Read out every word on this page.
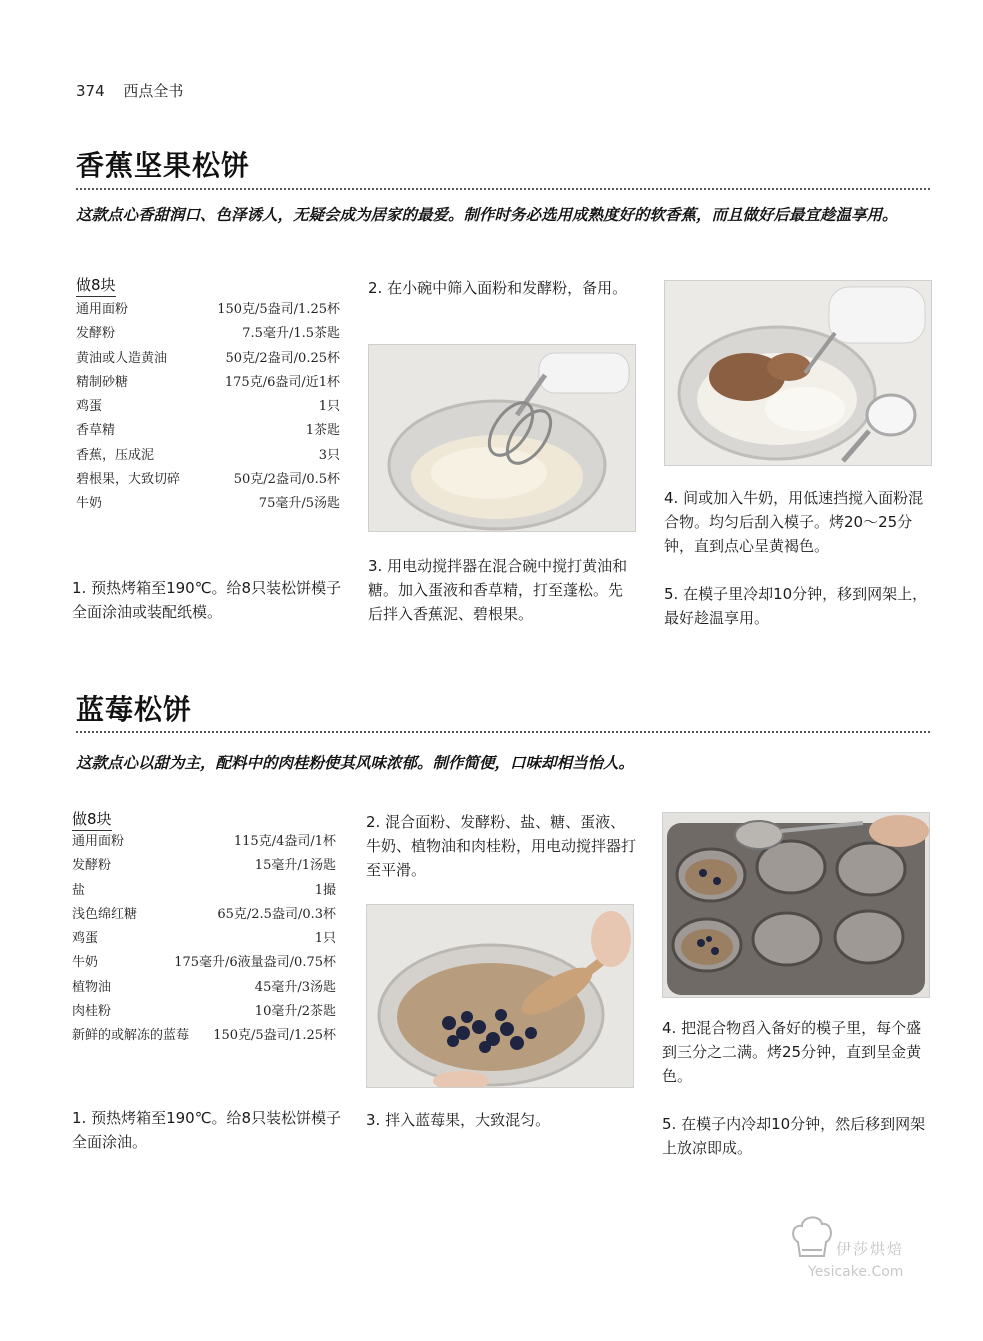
374 西点全书
香蕉坚果松饼
这款点心香甜润口、色泽诱人，无疑会成为居家的最爱。制作时务必选用成熟度好的软香蕉，而且做好后最宜趁温享用。
做8块
通用面粉	150克/5盎司/1.25杯
发酵粉	7.5毫升/1.5茶匙
黄油或人造黄油	50克/2盎司/0.25杯
精制砂糖	175克/6盎司/近1杯
鸡蛋	1只
香草精	1茶匙
香蕉，压成泥	3只
碧根果，大致切碎	50克/2盎司/0.5杯
牛奶	75毫升/5汤匙
1. 预热烤箱至190℃。给8只装松饼模子全面涂油或装配纸模。
2. 在小碗中筛入面粉和发酵粉，备用。
3. 用电动搅拌器在混合碗中搅打黄油和糖。加入蛋液和香草精，打至蓬松。先后拌入香蕉泥、碧根果。
4. 间或加入牛奶，用低速挡搅入面粉混合物。均匀后刮入模子。烤20～25分钟，直到点心呈黄褐色。
5. 在模子里冷却10分钟，移到网架上，最好趁温享用。
蓝莓松饼
这款点心以甜为主，配料中的肉桂粉使其风味浓郁。制作简便，口味却相当怡人。
做8块
通用面粉	115克/4盎司/1杯
发酵粉	15毫升/1汤匙
盐	1撮
浅色绵红糖	65克/2.5盎司/0.3杯
鸡蛋	1只
牛奶	175毫升/6液量盎司/0.75杯
植物油	45毫升/3汤匙
肉桂粉	10毫升/2茶匙
新鲜的或解冻的蓝莓 150克/5盎司/1.25杯
1. 预热烤箱至190℃。给8只装松饼模子全面涂油。
2. 混合面粉、发酵粉、盐、糖、蛋液、牛奶、植物油和肉桂粉，用电动搅拌器打至平滑。
3. 拌入蓝莓果，大致混匀。
4. 把混合物舀入备好的模子里，每个盛到三分之二满。烤25分钟，直到呈金黄色。
5. 在模子内冷却10分钟，然后移到网架上放凉即成。
伊莎烘焙
Yesicake.Com
